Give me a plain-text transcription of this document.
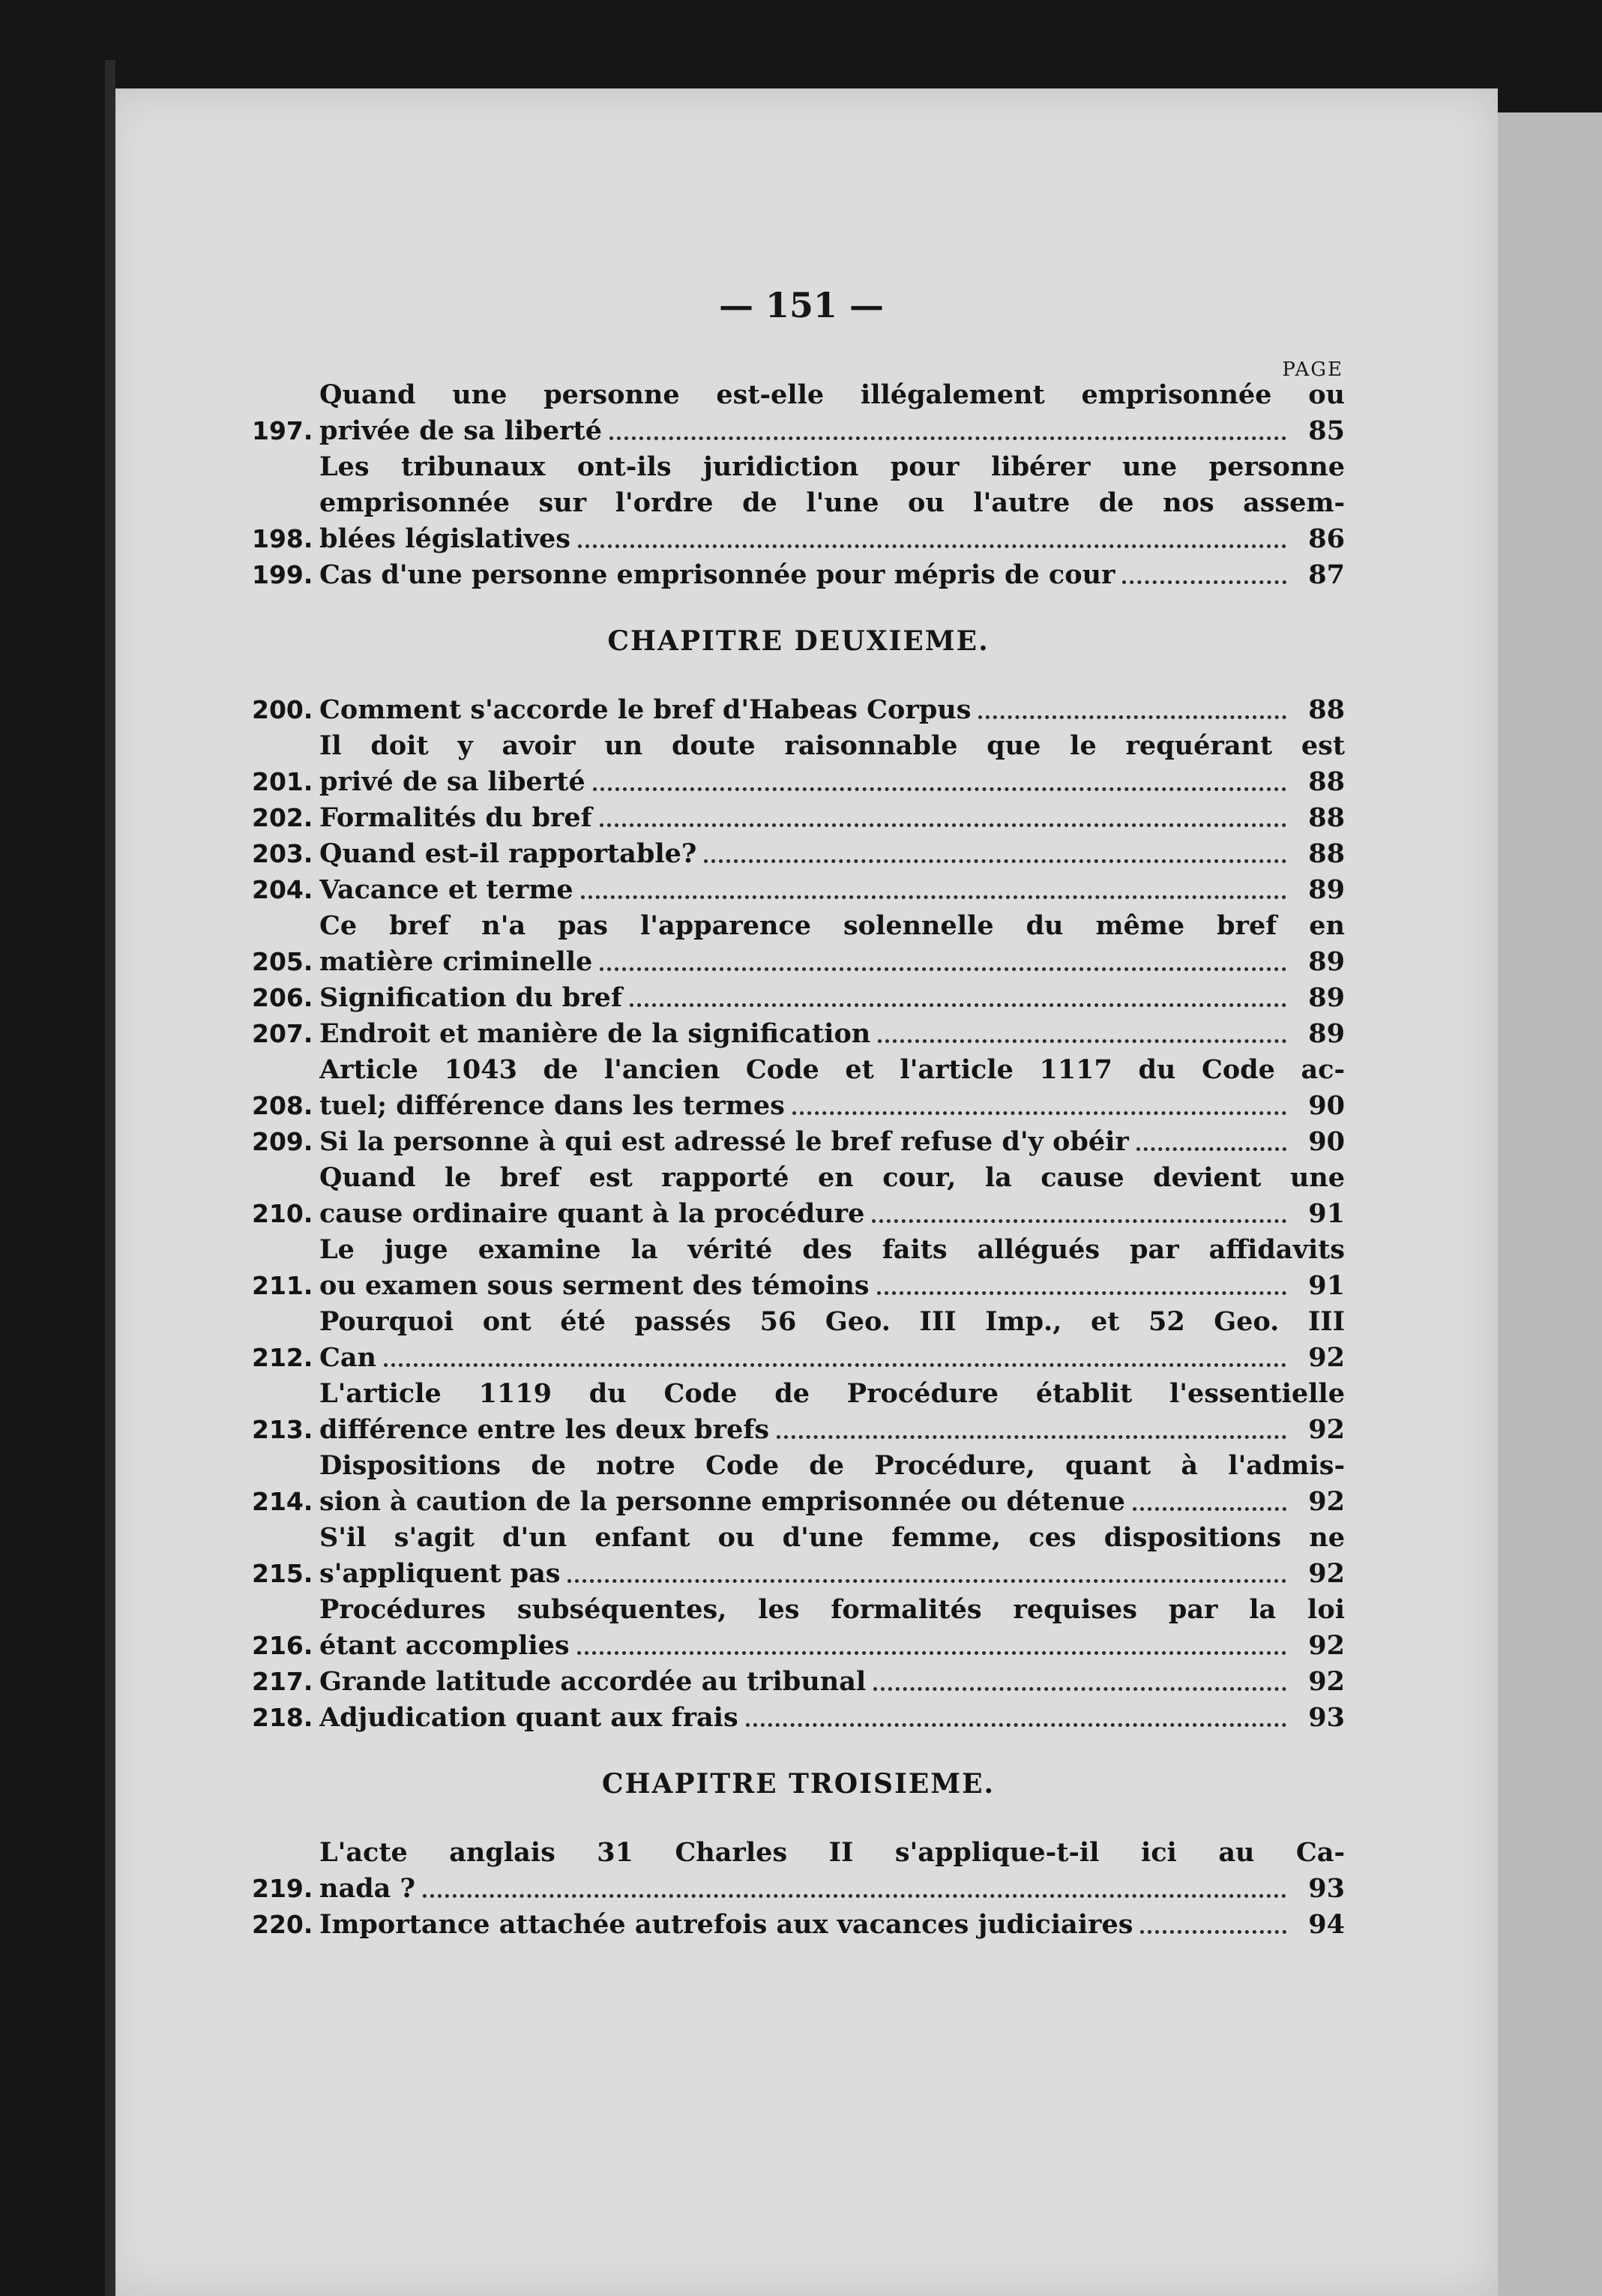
— 151 —
PAGE
197.
Quand une personne est-elle illégalement emprisonnée ou
privée de sa liberté	85
198.
Les tribunaux ont-ils juridiction pour libérer une personne
emprisonnée sur l'ordre de l'une ou l'autre de nos assem-
blées législatives	86
199. Cas d'une personne emprisonnée pour mépris de cour	87
CHAPITRE DEUXIEME.
200. Comment s'accorde le bref d'Habeas Corpus	88
201.
Il doit y avoir un doute raisonnable que le requérant est
privé de sa liberté	88
202. Formalités du bref	88
203. Quand est-il rapportable?	88
204. Vacance et terme	89
205.
Ce bref n'a pas l'apparence solennelle du même bref en
matière criminelle	89
206. Signification du bref	89
207. Endroit et manière de la signification	89
208.
Article 1043 de l'ancien Code et l'article 1117 du Code ac-
tuel; différence dans les termes	90
209. Si la personne à qui est adressé le bref refuse d'y obéir	90
210.
Quand le bref est rapporté en cour, la cause devient une
cause ordinaire quant à la procédure	91
211.
Le juge examine la vérité des faits allégués par affidavits
ou examen sous serment des témoins	91
212.
Pourquoi ont été passés 56 Geo. III Imp., et 52 Geo. III
Can	92
213.
L'article 1119 du Code de Procédure établit l'essentielle
différence entre les deux brefs	92
214.
Dispositions de notre Code de Procédure, quant à l'admis-
sion à caution de la personne emprisonnée ou détenue	92
215.
S'il s'agit d'un enfant ou d'une femme, ces dispositions ne
s'appliquent pas	92
216.
Procédures subséquentes, les formalités requises par la loi
étant accomplies	92
217. Grande latitude accordée au tribunal	92
218. Adjudication quant aux frais	93
CHAPITRE TROISIEME.
219.
L'acte anglais 31 Charles II s'applique-t-il ici au Ca-
nada ?	93
220. Importance attachée autrefois aux vacances judiciaires	94
